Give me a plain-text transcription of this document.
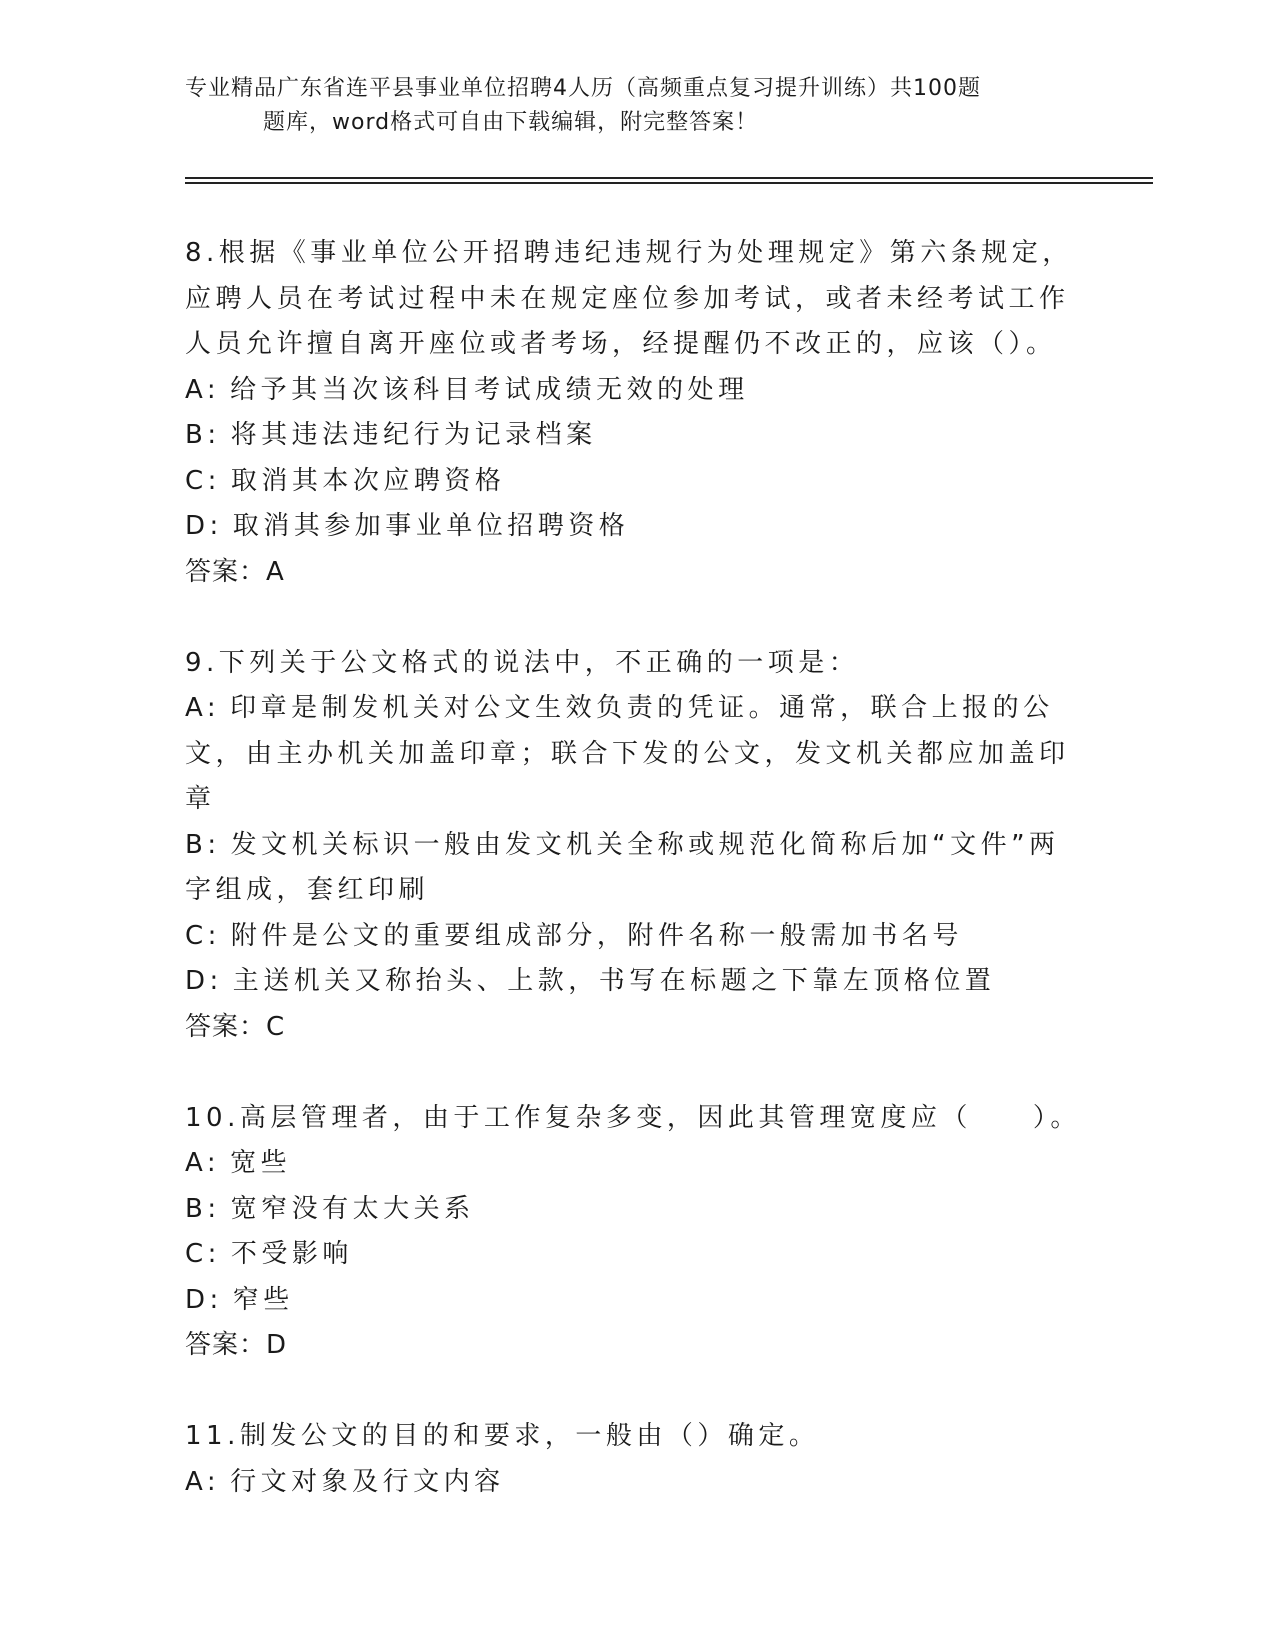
专业精品广东省连平县事业单位招聘4人历（高频重点复习提升训练）共100题
题库，word格式可自由下载编辑，附完整答案！
8.根据《事业单位公开招聘违纪违规行为处理规定》第六条规定，应聘人员在考试过程中未在规定座位参加考试，或者未经考试工作人员允许擅自离开座位或者考场，经提醒仍不改正的，应该（）。
A: 给予其当次该科目考试成绩无效的处理
B: 将其违法违纪行为记录档案
C: 取消其本次应聘资格
D: 取消其参加事业单位招聘资格
答案：A
9.下列关于公文格式的说法中，不正确的一项是：
A: 印章是制发机关对公文生效负责的凭证。通常，联合上报的公文，由主办机关加盖印章；联合下发的公文，发文机关都应加盖印章
B: 发文机关标识一般由发文机关全称或规范化简称后加“文件”两字组成，套红印刷
C: 附件是公文的重要组成部分，附件名称一般需加书名号
D: 主送机关又称抬头、上款，书写在标题之下靠左顶格位置
答案：C
10.高层管理者，由于工作复杂多变，因此其管理宽度应（　　）。
A: 宽些
B: 宽窄没有太大关系
C: 不受影响
D: 窄些
答案：D
11.制发公文的目的和要求，一般由（）确定。
A: 行文对象及行文内容
